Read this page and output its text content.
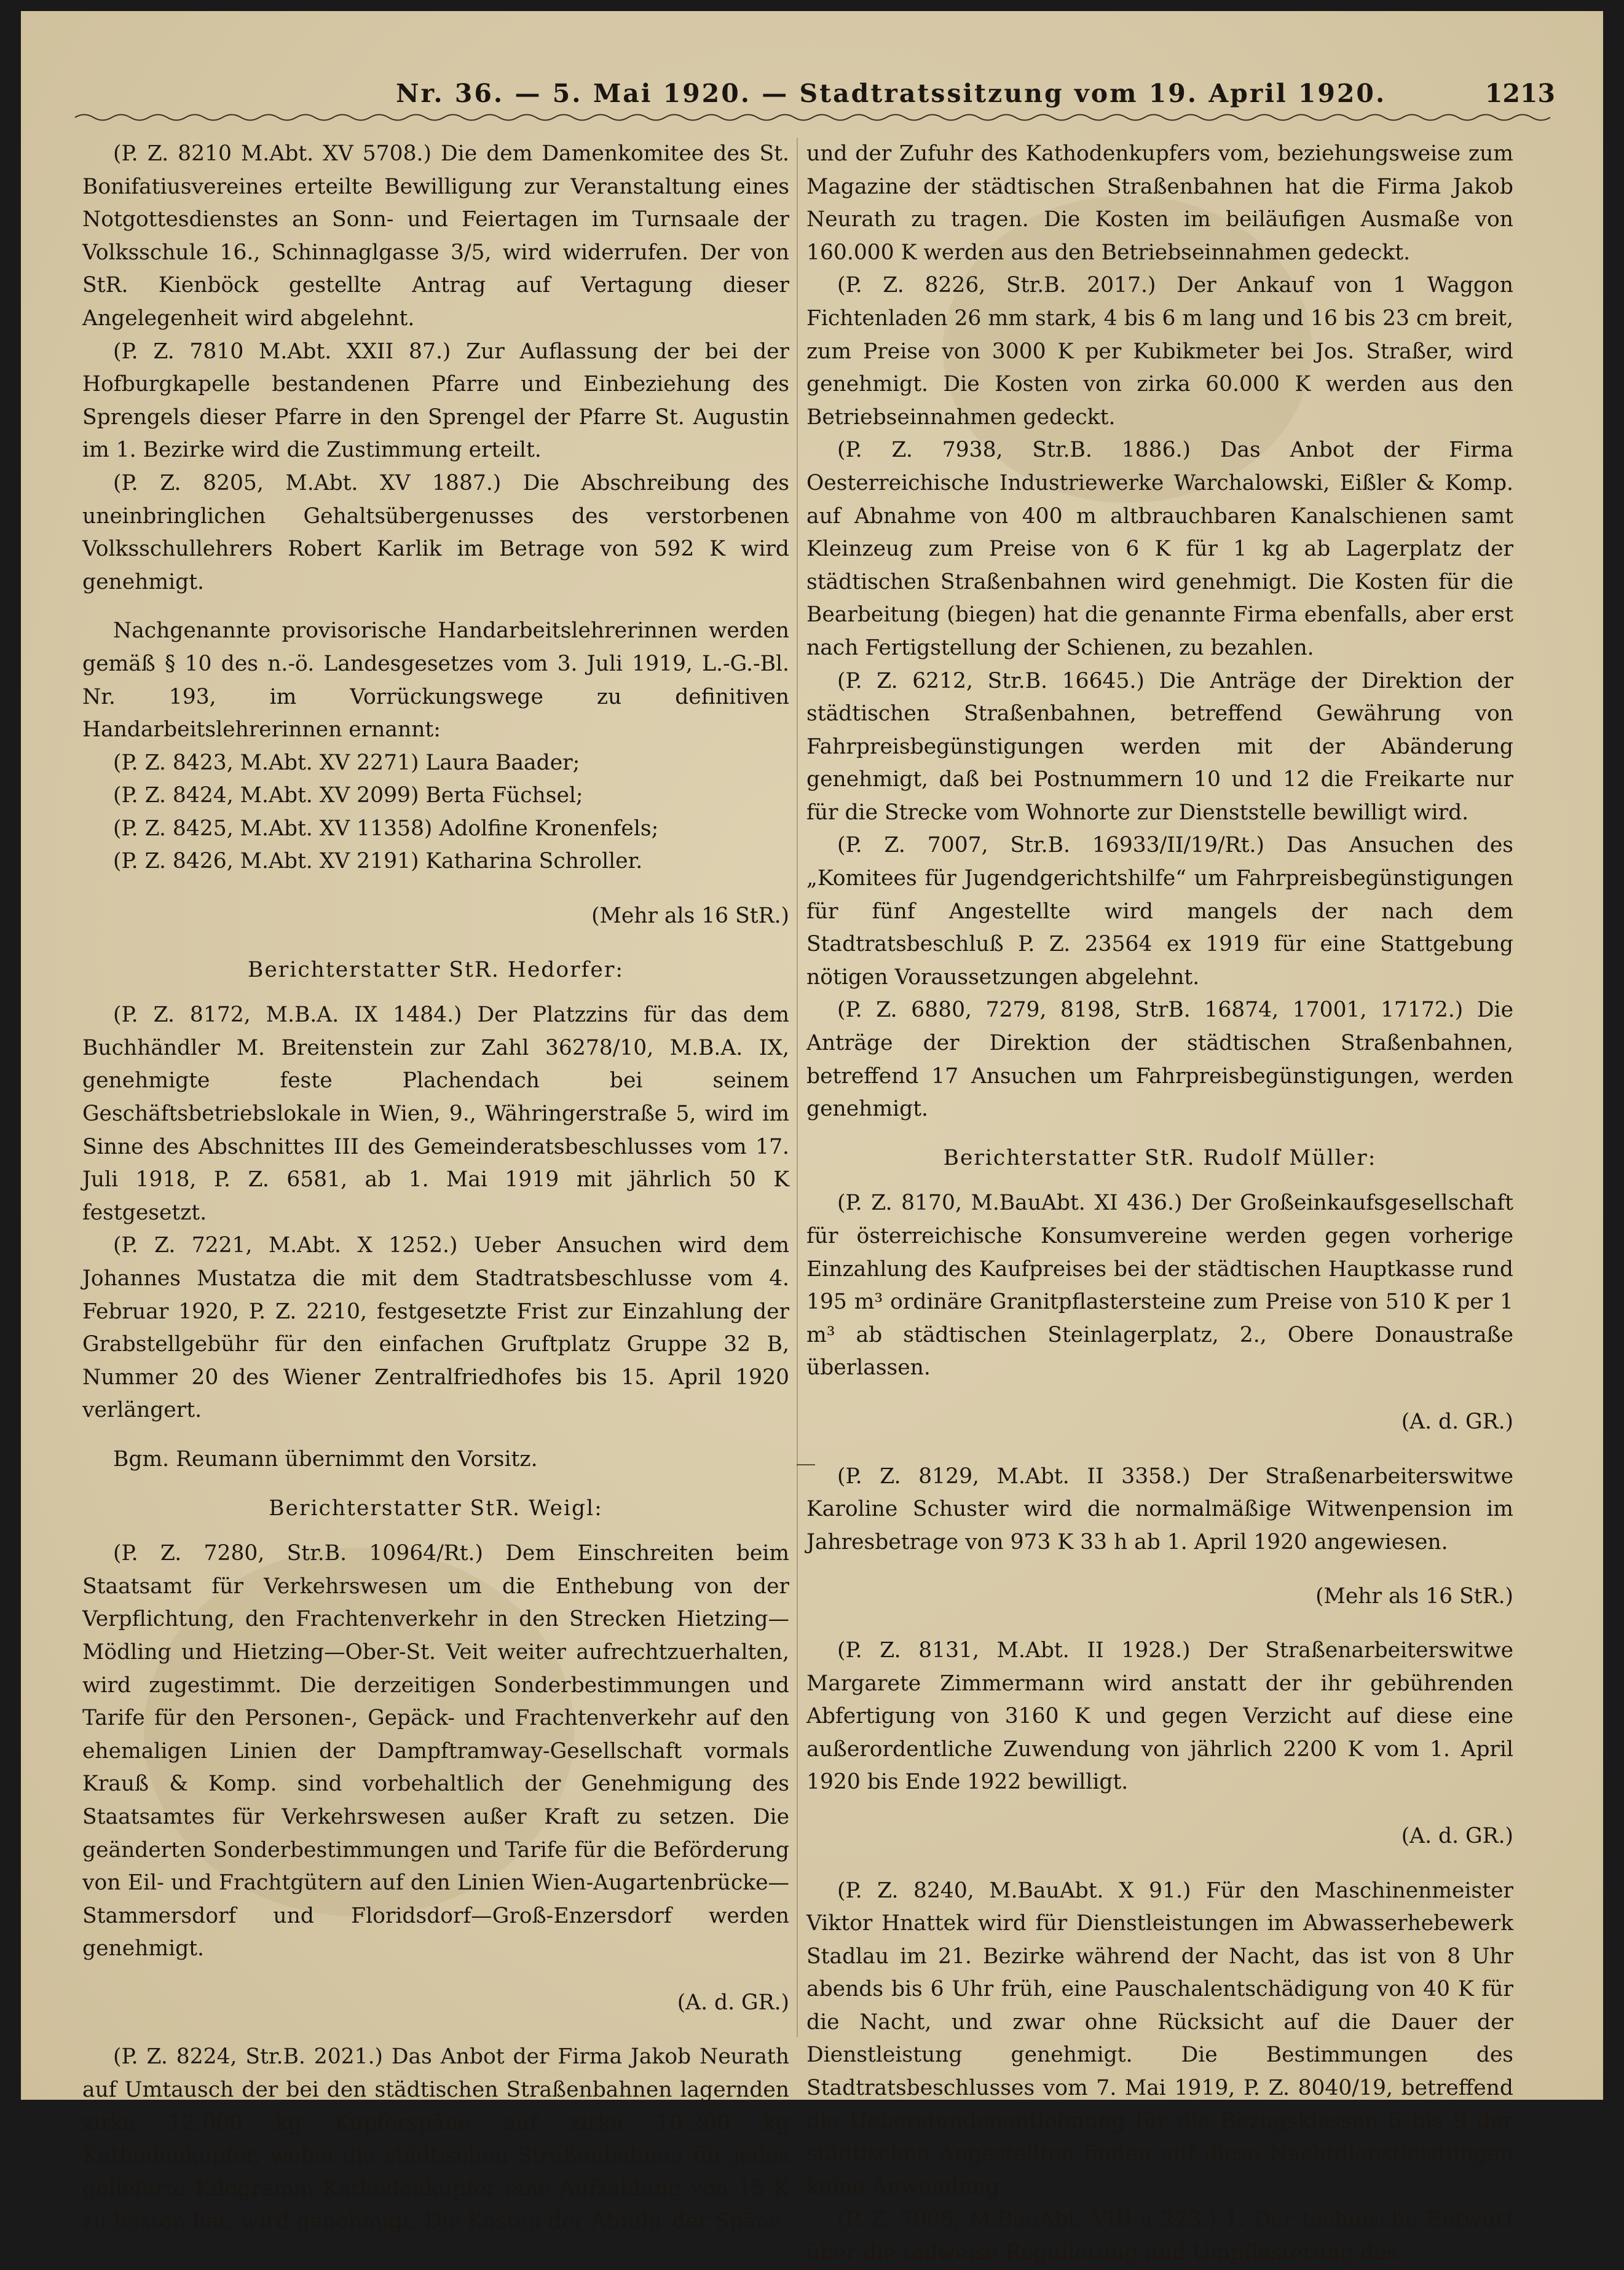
Nr. 36. — 5. Mai 1920. — Stadtratssitzung vom 19. April 1920.	1213

(P. Z. 8210 M.Abt. XV 5708.) Die dem Damenkomitee des St. Bonifatiusvereines erteilte Bewilligung zur Veranstaltung eines Notgottesdienstes an Sonn- und Feiertagen im Turnsaale der Volksschule 16., Schinnaglgasse 3/5, wird widerrufen. Der von StR. Kienböck gestellte Antrag auf Vertagung dieser Angelegenheit wird abgelehnt.

(P. Z. 7810 M.Abt. XXII 87.) Zur Auflassung der bei der Hofburgkapelle bestandenen Pfarre und Einbeziehung des Sprengels dieser Pfarre in den Sprengel der Pfarre St. Augustin im 1. Bezirke wird die Zustimmung erteilt.

(P. Z. 8205, M.Abt. XV 1887.) Die Abschreibung des uneinbringlichen Gehaltsübergenusses des verstorbenen Volksschullehrers Robert Karlik im Betrage von 592 K wird genehmigt.

Nachgenannte provisorische Handarbeitslehrerinnen werden gemäß § 10 des n.-ö. Landesgesetzes vom 3. Juli 1919, L.-G.-Bl. Nr. 193, im Vorrückungswege zu definitiven Handarbeitslehrerinnen ernannt:

(P. Z. 8423, M.Abt. XV 2271) Laura Baader;

(P. Z. 8424, M.Abt. XV 2099) Berta Füchsel;

(P. Z. 8425, M.Abt. XV 11358) Adolfine Kronenfels;

(P. Z. 8426, M.Abt. XV 2191) Katharina Schroller.

(Mehr als 16 StR.)

Berichterstatter StR. Hedorfer:

(P. Z. 8172, M.B.A. IX 1484.) Der Platzzins für das dem Buchhändler M. Breitenstein zur Zahl 36278/10, M.B.A. IX, genehmigte feste Plachendach bei seinem Geschäftsbetriebslokale in Wien, 9., Währingerstraße 5, wird im Sinne des Abschnittes III des Gemeinderatsbeschlusses vom 17. Juli 1918, P. Z. 6581, ab 1. Mai 1919 mit jährlich 50 K festgesetzt.

(P. Z. 7221, M.Abt. X 1252.) Ueber Ansuchen wird dem Johannes Mustatza die mit dem Stadtratsbeschlusse vom 4. Februar 1920, P. Z. 2210, festgesetzte Frist zur Einzahlung der Grabstellgebühr für den einfachen Gruftplatz Gruppe 32 B, Nummer 20 des Wiener Zentralfriedhofes bis 15. April 1920 verlängert.

Bgm. Reumann übernimmt den Vorsitz.

Berichterstatter StR. Weigl:

(P. Z. 7280, Str.B. 10964/Rt.) Dem Einschreiten beim Staatsamt für Verkehrswesen um die Enthebung von der Verpflichtung, den Frachtenverkehr in den Strecken Hietzing—Mödling und Hietzing—Ober-St. Veit weiter aufrechtzuerhalten, wird zugestimmt. Die derzeitigen Sonderbestimmungen und Tarife für den Personen-, Gepäck- und Frachtenverkehr auf den ehemaligen Linien der Dampftramway-Gesellschaft vormals Krauß & Komp. sind vorbehaltlich der Genehmigung des Staatsamtes für Verkehrswesen außer Kraft zu setzen. Die geänderten Sonderbestimmungen und Tarife für die Beförderung von Eil- und Frachtgütern auf den Linien Wien-Augartenbrücke—Stammersdorf und Floridsdorf—Groß-Enzersdorf werden genehmigt.

(A. d. GR.)

(P. Z. 8224, Str.B. 2021.) Das Anbot der Firma Jakob Neurath auf Umtausch der bei den städtischen Straßenbahnen lagernden zirka 12.000 kg Kupferspäne auf zirka 10.200 kg Kathodenkupfer, wobei die städtischen Straßenbahnen für jedes gelieferte Kilogramm Kathodenkupfer eine Aufzahlung von 15 K zu leisten hat, wird genehmigt. Die Kosten der Abfuhr der Späne

und der Zufuhr des Kathodenkupfers vom, beziehungsweise zum Magazine der städtischen Straßenbahnen hat die Firma Jakob Neurath zu tragen. Die Kosten im beiläufigen Ausmaße von 160.000 K werden aus den Betriebseinnahmen gedeckt.

(P. Z. 8226, Str.B. 2017.) Der Ankauf von 1 Waggon Fichtenladen 26 mm stark, 4 bis 6 m lang und 16 bis 23 cm breit, zum Preise von 3000 K per Kubikmeter bei Jos. Straßer, wird genehmigt. Die Kosten von zirka 60.000 K werden aus den Betriebseinnahmen gedeckt.

(P. Z. 7938, Str.B. 1886.) Das Anbot der Firma Oesterreichische Industriewerke Warchalowski, Eißler & Komp. auf Abnahme von 400 m altbrauchbaren Kanalschienen samt Kleinzeug zum Preise von 6 K für 1 kg ab Lagerplatz der städtischen Straßenbahnen wird genehmigt. Die Kosten für die Bearbeitung (biegen) hat die genannte Firma ebenfalls, aber erst nach Fertigstellung der Schienen, zu bezahlen.

(P. Z. 6212, Str.B. 16645.) Die Anträge der Direktion der städtischen Straßenbahnen, betreffend Gewährung von Fahrpreisbegünstigungen werden mit der Abänderung genehmigt, daß bei Postnummern 10 und 12 die Freikarte nur für die Strecke vom Wohnorte zur Dienststelle bewilligt wird.

(P. Z. 7007, Str.B. 16933/II/19/Rt.) Das Ansuchen des „Komitees für Jugendgerichtshilfe“ um Fahrpreisbegünstigungen für fünf Angestellte wird mangels der nach dem Stadtratsbeschluß P. Z. 23564 ex 1919 für eine Stattgebung nötigen Voraussetzungen abgelehnt.

(P. Z. 6880, 7279, 8198, StrB. 16874, 17001, 17172.) Die Anträge der Direktion der städtischen Straßenbahnen, betreffend 17 Ansuchen um Fahrpreisbegünstigungen, werden genehmigt.

Berichterstatter StR. Rudolf Müller:

(P. Z. 8170, M.BauAbt. XI 436.) Der Großeinkaufsgesellschaft für österreichische Konsumvereine werden gegen vorherige Einzahlung des Kaufpreises bei der städtischen Hauptkasse rund 195 m³ ordinäre Granitpflastersteine zum Preise von 510 K per 1 m³ ab städtischen Steinlagerplatz, 2., Obere Donaustraße überlassen.

(A. d. GR.)

(P. Z. 8129, M.Abt. II 3358.) Der Straßenarbeiterswitwe Karoline Schuster wird die normalmäßige Witwenpension im Jahresbetrage von 973 K 33 h ab 1. April 1920 angewiesen.

(Mehr als 16 StR.)

(P. Z. 8131, M.Abt. II 1928.) Der Straßenarbeiterswitwe Margarete Zimmermann wird anstatt der ihr gebührenden Abfertigung von 3160 K und gegen Verzicht auf diese eine außerordentliche Zuwendung von jährlich 2200 K vom 1. April 1920 bis Ende 1922 bewilligt.

(A. d. GR.)

(P. Z. 8240, M.BauAbt. X 91.) Für den Maschinenmeister Viktor Hnattek wird für Dienstleistungen im Abwasserhebewerk Stadlau im 21. Bezirke während der Nacht, das ist von 8 Uhr abends bis 6 Uhr früh, eine Pauschalentschädigung von 40 K für die Nacht, und zwar ohne Rücksicht auf die Dauer der Dienstleistung genehmigt. Die Bestimmungen des Stadtratsbeschlusses vom 7. Mai 1919, P. Z. 8040/19, betreffend die Ueberstundenentlohnung für die Bezugsklassen 6 bis 9 der städtischen Angestellten finden auf diese Nachtdienstleistungen keine Anwendnng.

(P. Z. 7908, M.BauAbt. VIII a 223.) 1. Der technische Entwurf über die teilweise Regulierung und Umpflasterung des
